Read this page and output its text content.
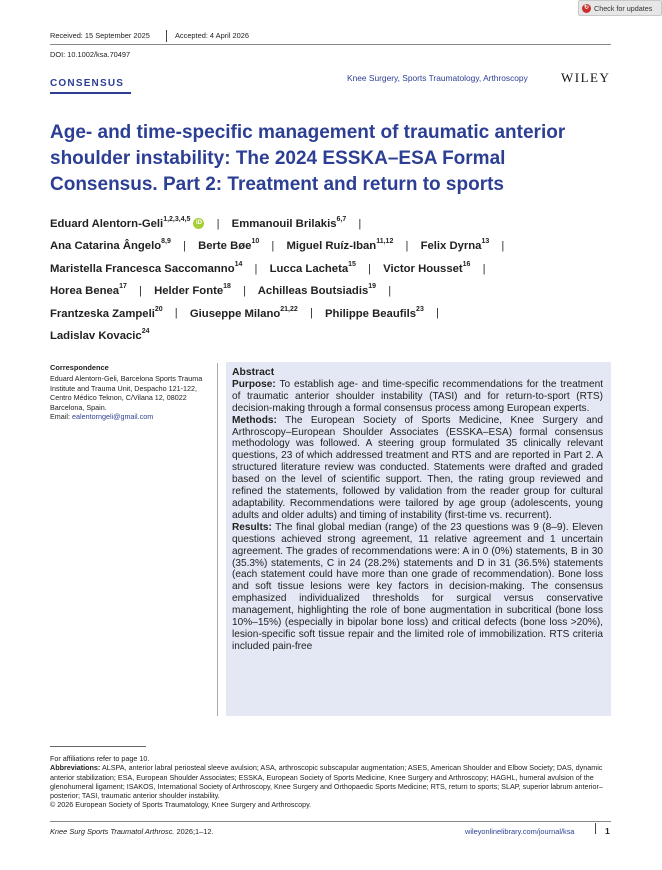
↻ Check for updates
Received: 15 September 2025	Accepted: 4 April 2026
DOI: 10.1002/ksa.70497
CONSENSUS	Knee Surgery, Sports Traumatology, Arthroscopy	WILEY
Age- and time-specific management of traumatic anterior shoulder instability: The 2024 ESSKA–ESA Formal Consensus. Part 2: Treatment and return to sports
Eduard Alentorn-Geli$^{1,2,3,4,5}$iD | Emmanouil Brilakis$^{6,7}$ |
Ana Catarina Ângelo$^{8,9}$ | Berte Bøe$^{10}$ | Miguel Ruíz-Iban$^{11,12}$ | Felix Dyrna$^{13}$ |
Maristella Francesca Saccomanno$^{14}$ | Lucca Lacheta$^{15}$ | Victor Housset$^{16}$ |
Horea Benea$^{17}$ | Helder Fonte$^{18}$ | Achilleas Boutsiadis$^{19}$ |
Frantzeska Zampeli$^{20}$ | Giuseppe Milano$^{21,22}$ | Philippe Beaufils$^{23}$ |
Ladislav Kovacic$^{24}$
Correspondence
Eduard Alentorn-Geli, Barcelona Sports Trauma Institute and Trauma Unit, Despacho 121-122, Centro Médico Teknon, C/Vilana 12, 08022 Barcelona, Spain.
Email: ealentorngeli@gmail.com
Abstract

Purpose: To establish age- and time-specific recommendations for the treatment of traumatic anterior shoulder instability (TASI) and for return-to-sport (RTS) decision-making through a formal consensus process among European experts.

Methods: The European Society of Sports Medicine, Knee Surgery and Arthroscopy–European Shoulder Associates (ESSKA–ESA) formal consensus methodology was followed. A steering group formulated 35 clinically relevant questions, 23 of which addressed treatment and RTS and are reported in Part 2. A structured literature review was conducted. Statements were drafted and graded based on the level of scientific support. Then, the rating group reviewed and refined the statements, followed by validation from the reader group for cultural adaptability. Recommendations were tailored by age group (adolescents, young adults and older adults) and timing of instability (first-time vs. recurrent).

Results: The final global median (range) of the 23 questions was 9 (8–9). Eleven questions achieved strong agreement, 11 relative agreement and 1 uncertain agreement. The grades of recommendations were: A in 0 (0%) statements, B in 30 (35.3%) statements, C in 24 (28.2%) statements and D in 31 (36.5%) statements (each statement could have more than one grade of recommendation). Bone loss and soft tissue lesions were key factors in decision-making. The consensus emphasized individualized thresholds for surgical versus conservative management, highlighting the role of bone augmentation in subcritical (bone loss 10%–15%) (especially in bipolar bone loss) and critical defects (bone loss >20%), lesion-specific soft tissue repair and the limited role of immobilization. RTS criteria included pain-free

For affiliations refer to page 10.

Abbreviations: ALSPA, anterior labral periosteal sleeve avulsion; ASA, arthroscopic subscapular augmentation; ASES, American Shoulder and Elbow Society; DAS, dynamic anterior stabilization; ESA, European Shoulder Associates; ESSKA, European Society of Sports Medicine, Knee Surgery and Arthroscopy; HAGHL, humeral avulsion of the glenohumeral ligament; ISAKOS, International Society of Arthroscopy, Knee Surgery and Orthopaedic Sports Medicine; RTS, return to sports; SLAP, superior labrum anterior–posterior; TASI, traumatic anterior shoulder instability.

© 2026 European Society of Sports Traumatology, Knee Surgery and Arthroscopy.

Knee Surg Sports Traumatol Arthrosc. 2026;1–12.	wileyonlinelibrary.com/journal/ksa	1
